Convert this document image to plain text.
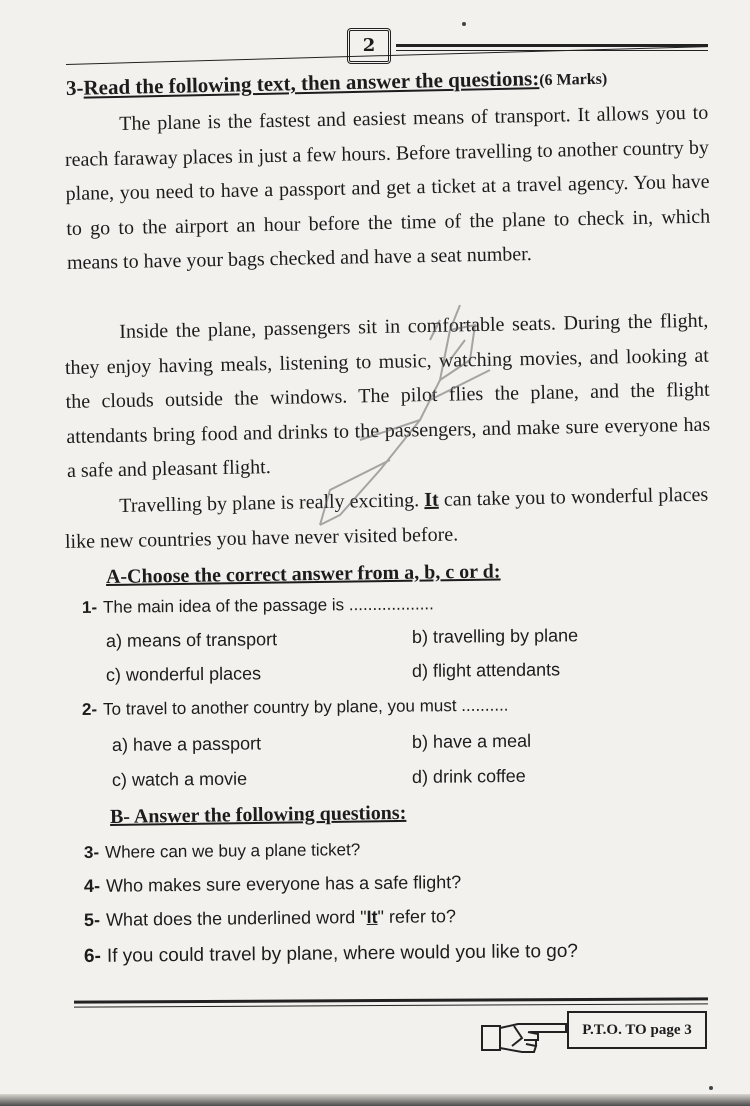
2
3-Read the following text, then answer the questions:(6 Marks)
The plane is the fastest and easiest means of transport. It allows you to reach faraway places in just a few hours. Before travelling to another country by plane, you need to have a passport and get a ticket at a travel agency. You have to go to the airport an hour before the time of the plane to check in, which means to have your bags checked and have a seat number.
Inside the plane, passengers sit in comfortable seats. During the flight, they enjoy having meals, listening to music, watching movies, and looking at the clouds outside the windows. The pilot flies the plane, and the flight attendants bring food and drinks to the passengers, and make sure everyone has a safe and pleasant flight.
Travelling by plane is really exciting. It can take you to wonderful places like new countries you have never visited before.
A-Choose the correct answer from a, b, c or d:
1- The main idea of the passage is ..................
a) means of transport	b) travelling by plane
c) wonderful places	d) flight attendants
2- To travel to another country by plane, you must ..........
a) have a passport	b) have a meal
c) watch a movie	d) drink coffee
B- Answer the following questions:
3- Where can we buy a plane ticket?
4- Who makes sure everyone has a safe flight?
5- What does the underlined word "It" refer to?
6- If you could travel by plane, where would you like to go?
P.T.O. TO page 3
